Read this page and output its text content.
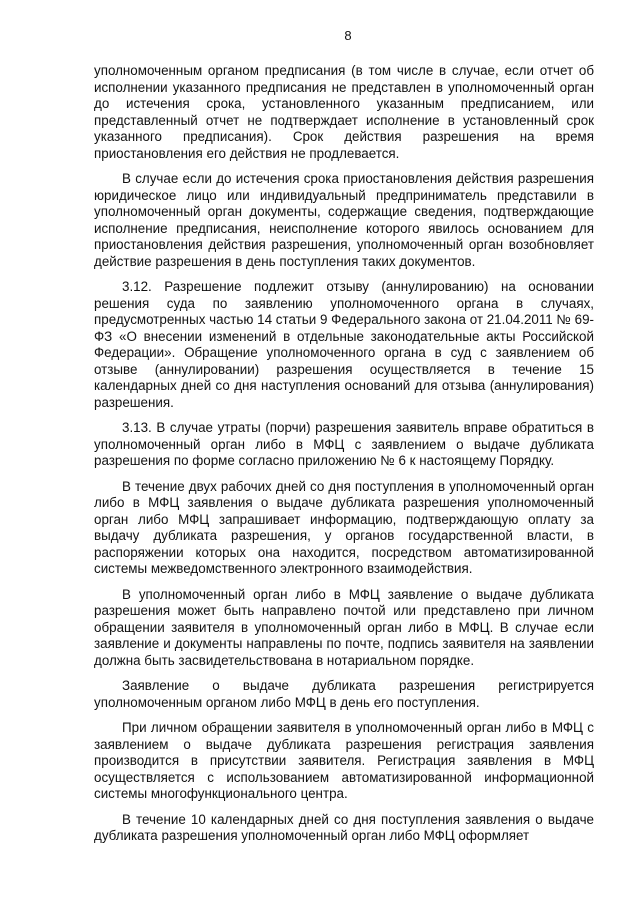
8

уполномоченным органом предписания (в том числе в случае, если отчет об исполнении указанного предписания не представлен в уполномоченный орган до истечения срока, установленного указанным предписанием, или представленный отчет не подтверждает исполнение в установленный срок указанного предписания). Срок действия разрешения на время приостановления его действия не продлевается.

В случае если до истечения срока приостановления действия разрешения юридическое лицо или индивидуальный предприниматель представили в уполномоченный орган документы, содержащие сведения, подтверждающие исполнение предписания, неисполнение которого явилось основанием для приостановления действия разрешения, уполномоченный орган возобновляет действие разрешения в день поступления таких документов.

3.12. Разрешение подлежит отзыву (аннулированию) на основании решения суда по заявлению уполномоченного органа в случаях, предусмотренных частью 14 статьи 9 Федерального закона от 21.04.2011 № 69-ФЗ «О внесении изменений в отдельные законодательные акты Российской Федерации». Обращение уполномоченного органа в суд с заявлением об отзыве (аннулировании) разрешения осуществляется в течение 15 календарных дней со дня наступления оснований для отзыва (аннулирования) разрешения.

3.13. В случае утраты (порчи) разрешения заявитель вправе обратиться в уполномоченный орган либо в МФЦ с заявлением о выдаче дубликата разрешения по форме согласно приложению № 6 к настоящему Порядку.

В течение двух рабочих дней со дня поступления в уполномоченный орган либо в МФЦ заявления о выдаче дубликата разрешения уполномоченный орган либо МФЦ запрашивает информацию, подтверждающую оплату за выдачу дубликата разрешения, у органов государственной власти, в распоряжении которых она находится, посредством автоматизированной системы межведомственного электронного взаимодействия.

В уполномоченный орган либо в МФЦ заявление о выдаче дубликата разрешения может быть направлено почтой или представлено при личном обращении заявителя в уполномоченный орган либо в МФЦ. В случае если заявление и документы направлены по почте, подпись заявителя на заявлении должна быть засвидетельствована в нотариальном порядке.

Заявление о выдаче дубликата разрешения регистрируется уполномоченным органом либо МФЦ в день его поступления.

При личном обращении заявителя в уполномоченный орган либо в МФЦ с заявлением о выдаче дубликата разрешения регистрация заявления производится в присутствии заявителя. Регистрация заявления в МФЦ осуществляется с использованием автоматизированной информационной системы многофункционального центра.

В течение 10 календарных дней со дня поступления заявления о выдаче дубликата разрешения уполномоченный орган либо МФЦ оформляет
